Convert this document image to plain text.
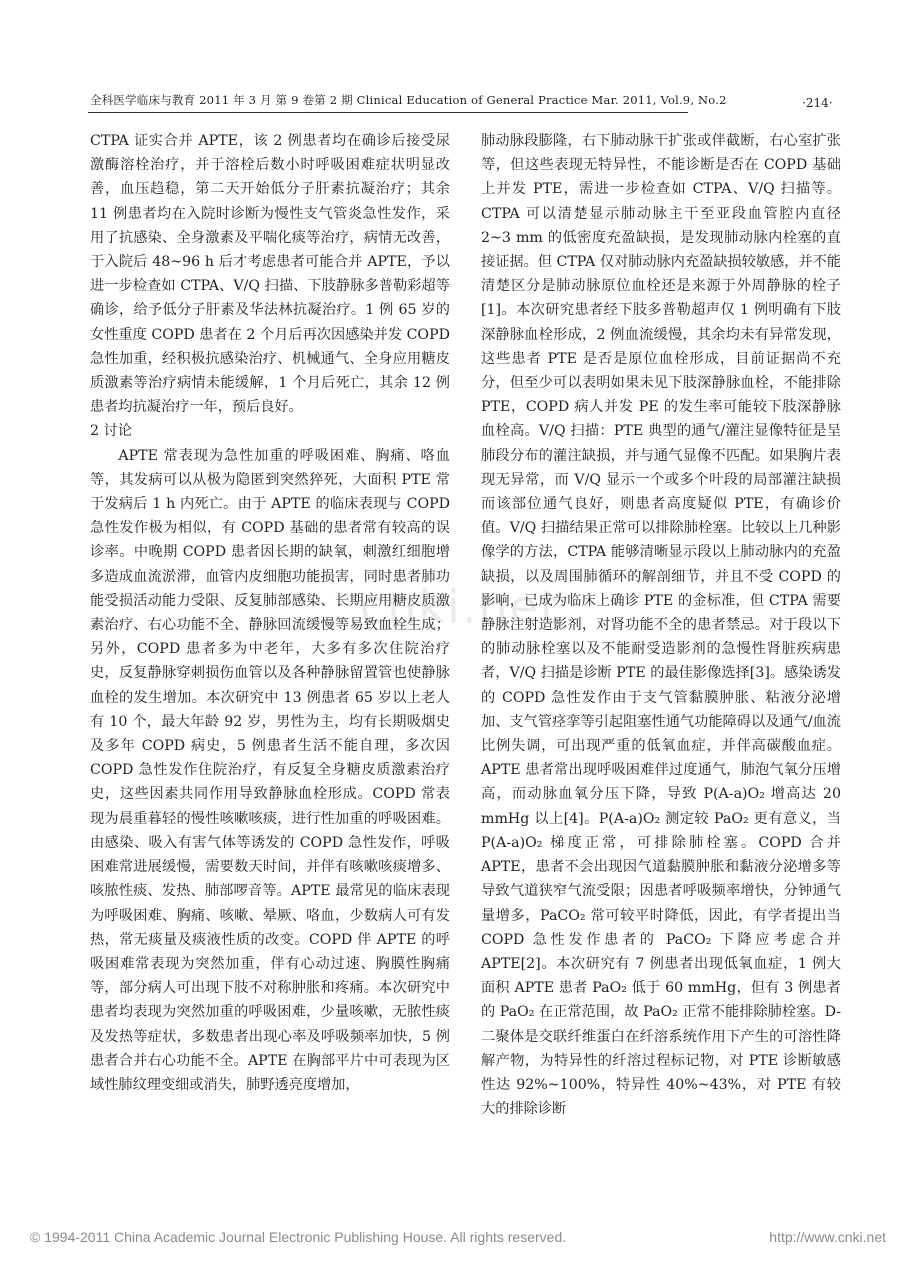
全科医学临床与教育 2011 年 3 月 第 9 卷第 2 期 Clinical Education of General Practice Mar. 2011, Vol.9, No.2	·214·
cnki.net

CTPA 证实合并 APTE，该 2 例患者均在确诊后接受尿激酶溶栓治疗，并于溶栓后数小时呼吸困难症状明显改善，血压趋稳，第二天开始低分子肝素抗凝治疗；其余 11 例患者均在入院时诊断为慢性支气管炎急性发作，采用了抗感染、全身激素及平喘化痰等治疗，病情无改善，于入院后 48~96 h 后才考虑患者可能合并 APTE，予以进一步检查如 CTPA、V/Q 扫描、下肢静脉多普勒彩超等确诊，给予低分子肝素及华法林抗凝治疗。1 例 65 岁的女性重度 COPD 患者在 2 个月后再次因感染并发 COPD 急性加重，经积极抗感染治疗、机械通气、全身应用糖皮质激素等治疗病情未能缓解，1 个月后死亡，其余 12 例患者均抗凝治疗一年，预后良好。

2 讨论

APTE 常表现为急性加重的呼吸困难、胸痛、咯血等，其发病可以从极为隐匿到突然猝死，大面积 PTE 常于发病后 1 h 内死亡。由于 APTE 的临床表现与 COPD 急性发作极为相似，有 COPD 基础的患者常有较高的误诊率。中晚期 COPD 患者因长期的缺氧，刺激红细胞增多造成血流淤滞，血管内皮细胞功能损害，同时患者肺功能受损活动能力受限、反复肺部感染、长期应用糖皮质激素治疗、右心功能不全、静脉回流缓慢等易致血栓生成；另外，COPD 患者多为中老年，大多有多次住院治疗史，反复静脉穿刺损伤血管以及各种静脉留置管也使静脉血栓的发生增加。本次研究中 13 例患者 65 岁以上老人有 10 个，最大年龄 92 岁，男性为主，均有长期吸烟史及多年 COPD 病史，5 例患者生活不能自理，多次因 COPD 急性发作住院治疗，有反复全身糖皮质激素治疗史，这些因素共同作用导致静脉血栓形成。COPD 常表现为晨重暮轻的慢性咳嗽咳痰，进行性加重的呼吸困难。由感染、吸入有害气体等诱发的 COPD 急性发作，呼吸困难常进展缓慢，需要数天时间，并伴有咳嗽咳痰增多、咳脓性痰、发热、肺部啰音等。APTE 最常见的临床表现为呼吸困难、胸痛、咳嗽、晕厥、咯血，少数病人可有发热，常无痰量及痰液性质的改变。COPD 伴 APTE 的呼吸困难常表现为突然加重，伴有心动过速、胸膜性胸痛等，部分病人可出现下肢不对称肿胀和疼痛。本次研究中患者均表现为突然加重的呼吸困难，少量咳嗽，无脓性痰及发热等症状，多数患者出现心率及呼吸频率加快，5 例患者合并右心功能不全。APTE 在胸部平片中可表现为区域性肺纹理变细或消失，肺野透亮度增加，

肺动脉段膨隆，右下肺动脉干扩张或伴截断，右心室扩张等，但这些表现无特异性，不能诊断是否在 COPD 基础上并发 PTE，需进一步检查如 CTPA、V/Q 扫描等。CTPA 可以清楚显示肺动脉主干至亚段血管腔内直径 2~3 mm 的低密度充盈缺损，是发现肺动脉内栓塞的直接证据。但 CTPA 仅对肺动脉内充盈缺损较敏感，并不能清楚区分是肺动脉原位血栓还是来源于外周静脉的栓子[1]。本次研究患者经下肢多普勒超声仅 1 例明确有下肢深静脉血栓形成，2 例血流缓慢，其余均未有异常发现，这些患者 PTE 是否是原位血栓形成，目前证据尚不充分，但至少可以表明如果未见下肢深静脉血栓，不能排除 PTE，COPD 病人并发 PE 的发生率可能较下肢深静脉血栓高。V/Q 扫描：PTE 典型的通气/灌注显像特征是呈肺段分布的灌注缺损，并与通气显像不匹配。如果胸片表现无异常，而 V/Q 显示一个或多个叶段的局部灌注缺损而该部位通气良好，则患者高度疑似 PTE，有确诊价值。V/Q 扫描结果正常可以排除肺栓塞。比较以上几种影像学的方法，CTPA 能够清晰显示段以上肺动脉内的充盈缺损，以及周围肺循环的解剖细节，并且不受 COPD 的影响，已成为临床上确诊 PTE 的金标准，但 CTPA 需要静脉注射造影剂，对肾功能不全的患者禁忌。对于段以下的肺动脉栓塞以及不能耐受造影剂的急慢性肾脏疾病患者，V/Q 扫描是诊断 PTE 的最佳影像选择[3]。感染诱发的 COPD 急性发作由于支气管黏膜肿胀、粘液分泌增加、支气管痉挛等引起阻塞性通气功能障碍以及通气/血流比例失调，可出现严重的低氧血症，并伴高碳酸血症。APTE 患者常出现呼吸困难伴过度通气，肺泡气氧分压增高，而动脉血氧分压下降，导致 P(A-a)O₂ 增高达 20 mmHg 以上[4]。P(A-a)O₂ 测定较 PaO₂ 更有意义，当 P(A-a)O₂ 梯度正常，可排除肺栓塞。COPD 合并 APTE，患者不会出现因气道黏膜肿胀和黏液分泌增多等导致气道狭窄气流受限；因患者呼吸频率增快，分钟通气量增多，PaCO₂ 常可较平时降低，因此，有学者提出当 COPD 急性发作患者的 PaCO₂ 下降应考虑合并 APTE[2]。本次研究有 7 例患者出现低氧血症，1 例大面积 APTE 患者 PaO₂ 低于 60 mmHg，但有 3 例患者的 PaO₂ 在正常范围，故 PaO₂ 正常不能排除肺栓塞。D-二聚体是交联纤维蛋白在纤溶系统作用下产生的可溶性降解产物，为特异性的纤溶过程标记物，对 PTE 诊断敏感性达 92%~100%，特异性 40%~43%，对 PTE 有较大的排除诊断

© 1994-2011 China Academic Journal Electronic Publishing House. All rights reserved.	http://www.cnki.net
